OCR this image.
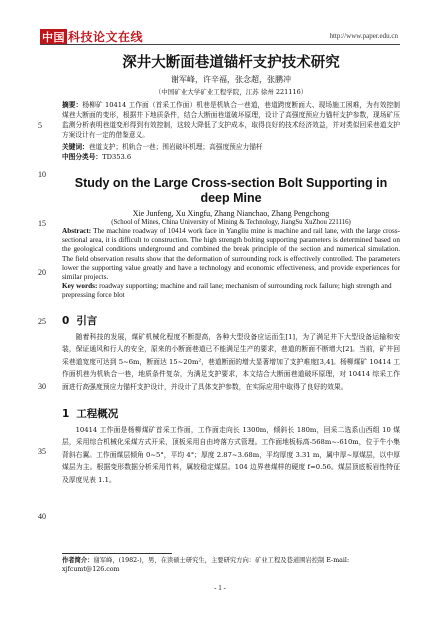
中国 科技论文在线	http://www.paper.edu.cn
5
10
15
20
25
30
35
40
深井大断面巷道锚杆支护技术研究
谢军峰，许辛福，张念超，张鹏冲
（中国矿业大学矿业工程学院，江苏 徐州 221116）
摘要：杨柳矿 10414 工作面（首采工作面）机巷是机轨合一巷道，巷道跨度断面大、现场施工困难，为有效控制煤巷大断面的变形，根据井下地质条件，结合大断面巷道破坏原理，设计了高强度预应力锚杆支护参数，现场矿压监测分析表明巷道变形得到有效控制，这较大降低了支护成本，取得良好的技术经济效益，并对类似回采巷道支护方案设计有一定的借鉴意义。
关键词：巷道支护；机轨合一巷；围岩破坏机理；高强度预应力锚杆
中图分类号：TD353.6
Study on the Large Cross-section Bolt Supporting in deep Mine
Xie Junfeng, Xu Xingfu, Zhang Nianchao, Zhang Pengchong
(School of Mines, China University of Mining & Technology, JiangSu XuZhou 221116)
Abstract: The machine roadway of 10414 work face in Yangliu mine is machine and rail lane, with the large cross-sectional area, it is difficult to construction. The high strength bolting supporting parameters is determined based on the geological conditions underground and combined the break principle of the section and numerical simulation. The field observation results show that the deformation of surrounding rock is effectively controlled. The parameters lower the supporting value greatly and have a technology and economic effectiveness, and provide experiences for similar projects.
Key words: roadway supporting; machine and rail lane; mechanism of surrounding rock failure; high strength and prepressing force blot
0 引言
随着科技的发展，煤矿机械化程度不断提高，各种大型设备应运而生[1]，为了满足井下大型设备运输和安装，保证通风和行人的安全，原来的小断面巷道已不能满足生产的要求，巷道的断面不断增大[2]。当前，矿井回采巷道宽度可达到 5~6m，断面达 15~20m²，巷道断面的增大显著增加了支护难度[3,4]。杨柳煤矿 10414 工作面机巷为机轨合一巷，地质条件复杂，为满足支护要求，本文结合大断面巷道破坏原理，对 10414 综采工作面进行高强度预应力锚杆支护设计，并设计了具体支护参数，在实际应用中取得了良好的效果。
1 工程概况
10414 工作面是杨柳煤矿首采工作面，工作面走向长 1300m，倾斜长 180m，回采二选系山西组 10 煤层，采用综合机械化采煤方式开采，顶板采用自由垮落方式管理。工作面地板标高-568m~-610m，位于牛小集背斜右翼。工作面煤层倾角 0~5°，平均 4°；厚度 2.87~3.68m，平均厚度 3.31 m，属中厚~厚煤层，以中厚煤层为主。根据变形数据分析采用竹料，属较稳定煤层。104 边界巷煤样的硬度 f=0.56。煤层顶底板岩性特征及厚度见表 1.1。
作者简介：谢军峰，(1982-)，男，在读硕士研究生，主要研究方向：矿业工程及巷道围岩控制 E-mail: xjfcumt@126.com
- 1 -
